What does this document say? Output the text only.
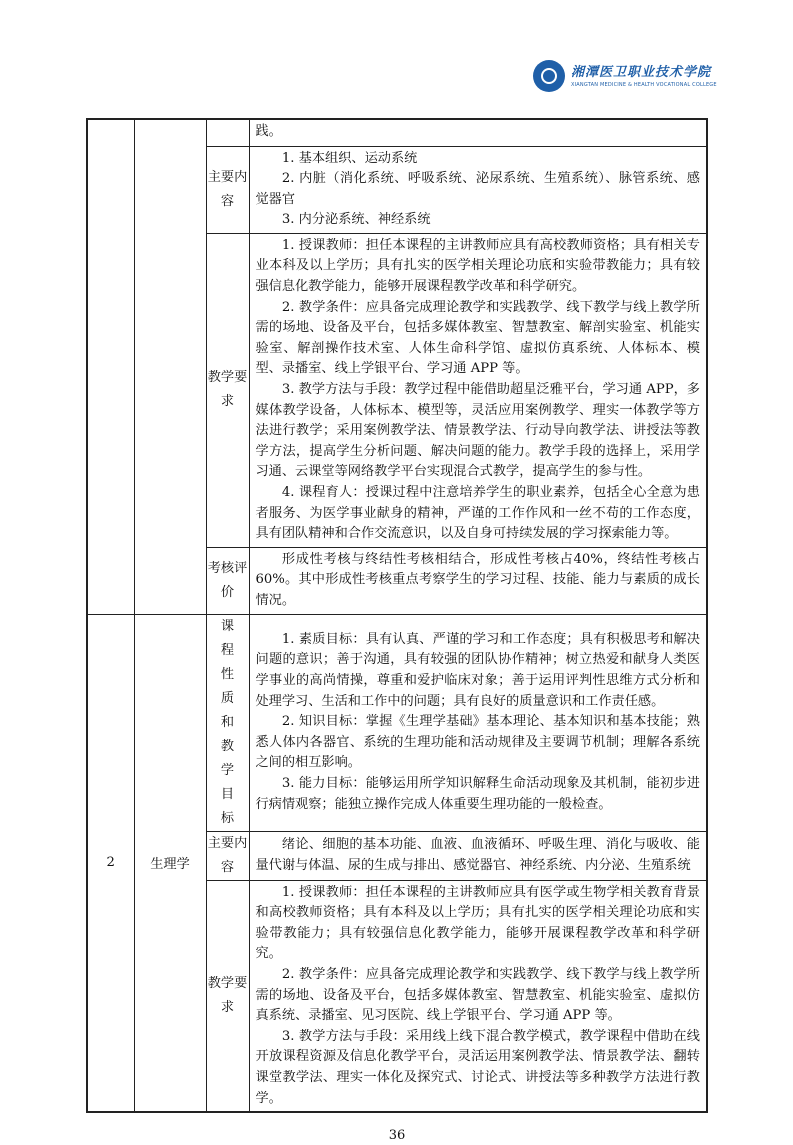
湘潭医卫职业技术学院
XIANGTAN MEDICINE & HEALTH VOCATIONAL COLLEGE

			践。

		主要内容	1. 基本组织、运动系统

2. 内脏（消化系统、呼吸系统、泌尿系统、生殖系统）、脉管系统、感觉器官

3. 内分泌系统、神经系统

		教学要求	1. 授课教师：担任本课程的主讲教师应具有高校教师资格；具有相关专业本科及以上学历；具有扎实的医学相关理论功底和实验带教能力；具有较强信息化教学能力，能够开展课程教学改革和科学研究。

2. 教学条件：应具备完成理论教学和实践教学、线下教学与线上教学所需的场地、设备及平台，包括多媒体教室、智慧教室、解剖实验室、机能实验室、解剖操作技术室、人体生命科学馆、虚拟仿真系统、人体标本、模型、录播室、线上学银平台、学习通 APP 等。

3. 教学方法与手段：教学过程中能借助超星泛雅平台，学习通 APP，多媒体教学设备，人体标本、模型等，灵活应用案例教学、理实一体教学等方法进行教学；采用案例教学法、情景教学法、行动导向教学法、讲授法等教学方法，提高学生分析问题、解决问题的能力。教学手段的选择上，采用学习通、云课堂等网络教学平台实现混合式教学，提高学生的参与性。

4. 课程育人：授课过程中注意培养学生的职业素养，包括全心全意为患者服务、为医学事业献身的精神，严谨的工作作风和一丝不苟的工作态度，具有团队精神和合作交流意识，以及自身可持续发展的学习探索能力等。

		考核评价	形成性考核与终结性考核相结合，形成性考核占40%，终结性考核占60%。其中形成性考核重点考察学生的学习过程、技能、能力与素质的成长情况。

2	生理学	课程性质和教学目标	1. 素质目标：具有认真、严谨的学习和工作态度；具有积极思考和解决问题的意识；善于沟通，具有较强的团队协作精神；树立热爱和献身人类医学事业的高尚情操，尊重和爱护临床对象；善于运用评判性思维方式分析和处理学习、生活和工作中的问题；具有良好的质量意识和工作责任感。

2. 知识目标：掌握《生理学基础》基本理论、基本知识和基本技能；熟悉人体内各器官、系统的生理功能和活动规律及主要调节机制；理解各系统之间的相互影响。

3. 能力目标：能够运用所学知识解释生命活动现象及其机制，能初步进行病情观察；能独立操作完成人体重要生理功能的一般检查。

		主要内容	绪论、细胞的基本功能、血液、血液循环、呼吸生理、消化与吸收、能量代谢与体温、尿的生成与排出、感觉器官、神经系统、内分泌、生殖系统

		教学要求	1. 授课教师：担任本课程的主讲教师应具有医学或生物学相关教育背景和高校教师资格；具有本科及以上学历；具有扎实的医学相关理论功底和实验带教能力；具有较强信息化教学能力，能够开展课程教学改革和科学研究。

2. 教学条件：应具备完成理论教学和实践教学、线下教学与线上教学所需的场地、设备及平台，包括多媒体教室、智慧教室、机能实验室、虚拟仿真系统、录播室、见习医院、线上学银平台、学习通 APP 等。

3. 教学方法与手段：采用线上线下混合教学模式，教学课程中借助在线开放课程资源及信息化教学平台，灵活运用案例教学法、情景教学法、翻转课堂教学法、理实一体化及探究式、讨论式、讲授法等多种教学方法进行教学。

36
